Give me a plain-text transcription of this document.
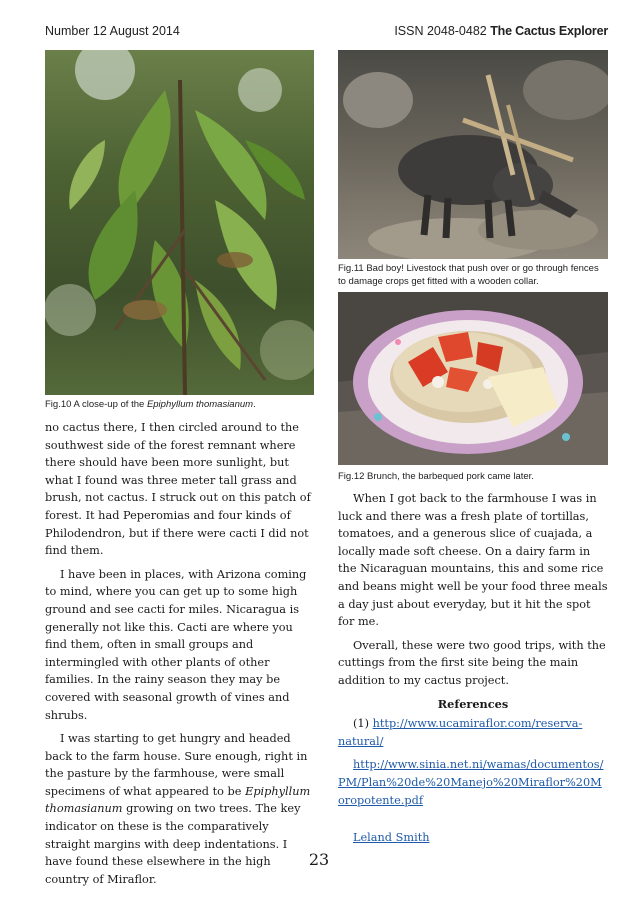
Number 12 August 2014	ISSN 2048-0482 The Cactus Explorer
Fig.10 A close-up of the Epiphyllum thomasianum.
Fig.11 Bad boy! Livestock that push over or go through fences to damage crops get fitted with a wooden collar.
Fig.12 Brunch, the barbequed pork came later.

no cactus there, I then circled around to the southwest side of the forest remnant where there should have been more sunlight, but what I found was three meter tall grass and brush, not cactus. I struck out on this patch of forest. It had Peperomias and four kinds of Philodendron, but if there were cacti I did not find them.

I have been in places, with Arizona coming to mind, where you can get up to some high ground and see cacti for miles. Nicaragua is generally not like this. Cacti are where you find them, often in small groups and intermingled with other plants of other families. In the rainy season they may be covered with seasonal growth of vines and shrubs.

I was starting to get hungry and headed back to the farm house. Sure enough, right in the pasture by the farmhouse, were small specimens of what appeared to be Epiphyllum thomasianum growing on two trees. The key indicator on these is the comparatively straight margins with deep indentations. I have found these elsewhere in the high country of Miraflor.

When I got back to the farmhouse I was in luck and there was a fresh plate of tortillas, tomatoes, and a generous slice of cuajada, a locally made soft cheese. On a dairy farm in the Nicaraguan mountains, this and some rice and beans might well be your food three meals a day just about everyday, but it hit the spot for me.

Overall, these were two good trips, with the cuttings from the first site being the main addition to my cactus project.

References

(1) http://www.ucamiraflor.com/reserva-natural/

http://www.sinia.net.ni/wamas/documentos/PM/Plan%20de%20Manejo%20Miraflor%20Moropotente.pdf

Leland Smith

23
